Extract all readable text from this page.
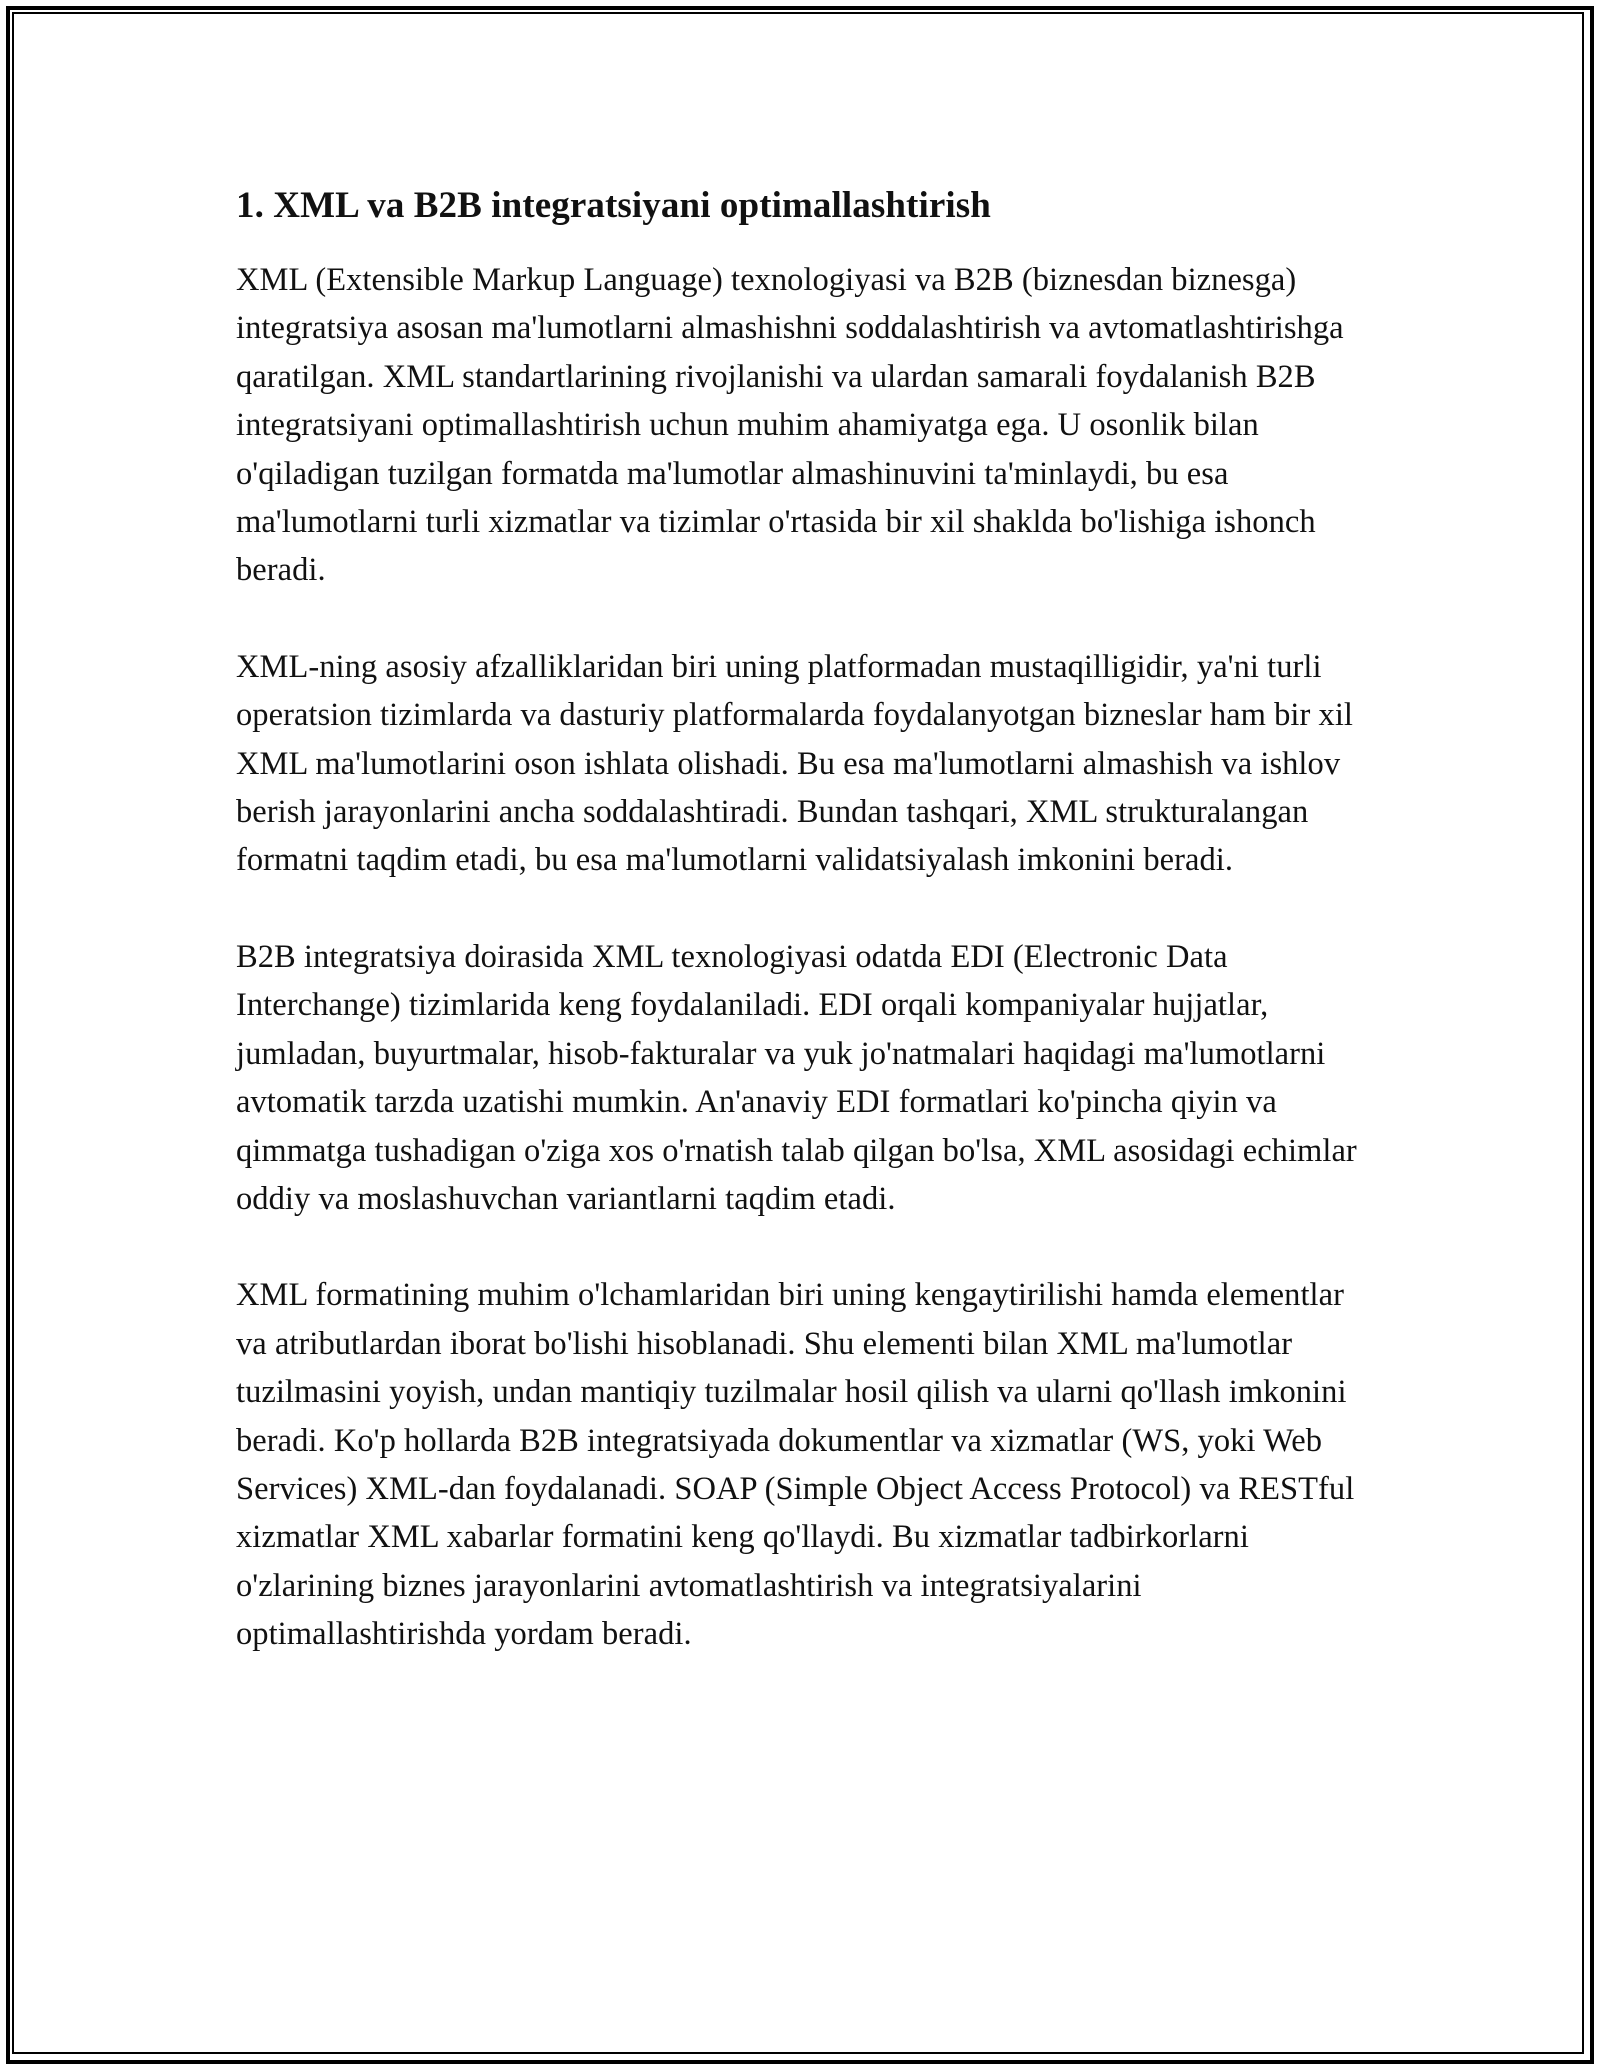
1. XML va B2B integratsiyani optimallashtirish

XML (Extensible Markup Language) texnologiyasi va B2B (biznesdan biznesga) integratsiya asosan ma'lumotlarni almashishni soddalashtirish va avtomatlashtirishga qaratilgan. XML standartlarining rivojlanishi va ulardan samarali foydalanish B2B integratsiyani optimallashtirish uchun muhim ahamiyatga ega. U osonlik bilan o'qiladigan tuzilgan formatda ma'lumotlar almashinuvini ta'minlaydi, bu esa ma'lumotlarni turli xizmatlar va tizimlar o'rtasida bir xil shaklda bo'lishiga ishonch beradi.

XML-ning asosiy afzalliklaridan biri uning platformadan mustaqilligidir, ya'ni turli operatsion tizimlarda va dasturiy platformalarda foydalanyotgan bizneslar ham bir xil XML ma'lumotlarini oson ishlata olishadi. Bu esa ma'lumotlarni almashish va ishlov berish jarayonlarini ancha soddalashtiradi. Bundan tashqari, XML strukturalangan formatni taqdim etadi, bu esa ma'lumotlarni validatsiyalash imkonini beradi.

B2B integratsiya doirasida XML texnologiyasi odatda EDI (Electronic Data Interchange) tizimlarida keng foydalaniladi. EDI orqali kompaniyalar hujjatlar, jumladan, buyurtmalar, hisob-fakturalar va yuk jo'natmalari haqidagi ma'lumotlarni avtomatik tarzda uzatishi mumkin. An'anaviy EDI formatlari ko'pincha qiyin va qimmatga tushadigan o'ziga xos o'rnatish talab qilgan bo'lsa, XML asosidagi echimlar oddiy va moslashuvchan variantlarni taqdim etadi.

XML formatining muhim o'lchamlaridan biri uning kengaytirilishi hamda elementlar va atributlardan iborat bo'lishi hisoblanadi. Shu elementi bilan XML ma'lumotlar tuzilmasini yoyish, undan mantiqiy tuzilmalar hosil qilish va ularni qo'llash imkonini beradi. Ko'p hollarda B2B integratsiyada dokumentlar va xizmatlar (WS, yoki Web Services) XML-dan foydalanadi. SOAP (Simple Object Access Protocol) va RESTful xizmatlar XML xabarlar formatini keng qo'llaydi. Bu xizmatlar tadbirkorlarni o'zlarining biznes jarayonlarini avtomatlashtirish va integratsiyalarini optimallashtirishda yordam beradi.
